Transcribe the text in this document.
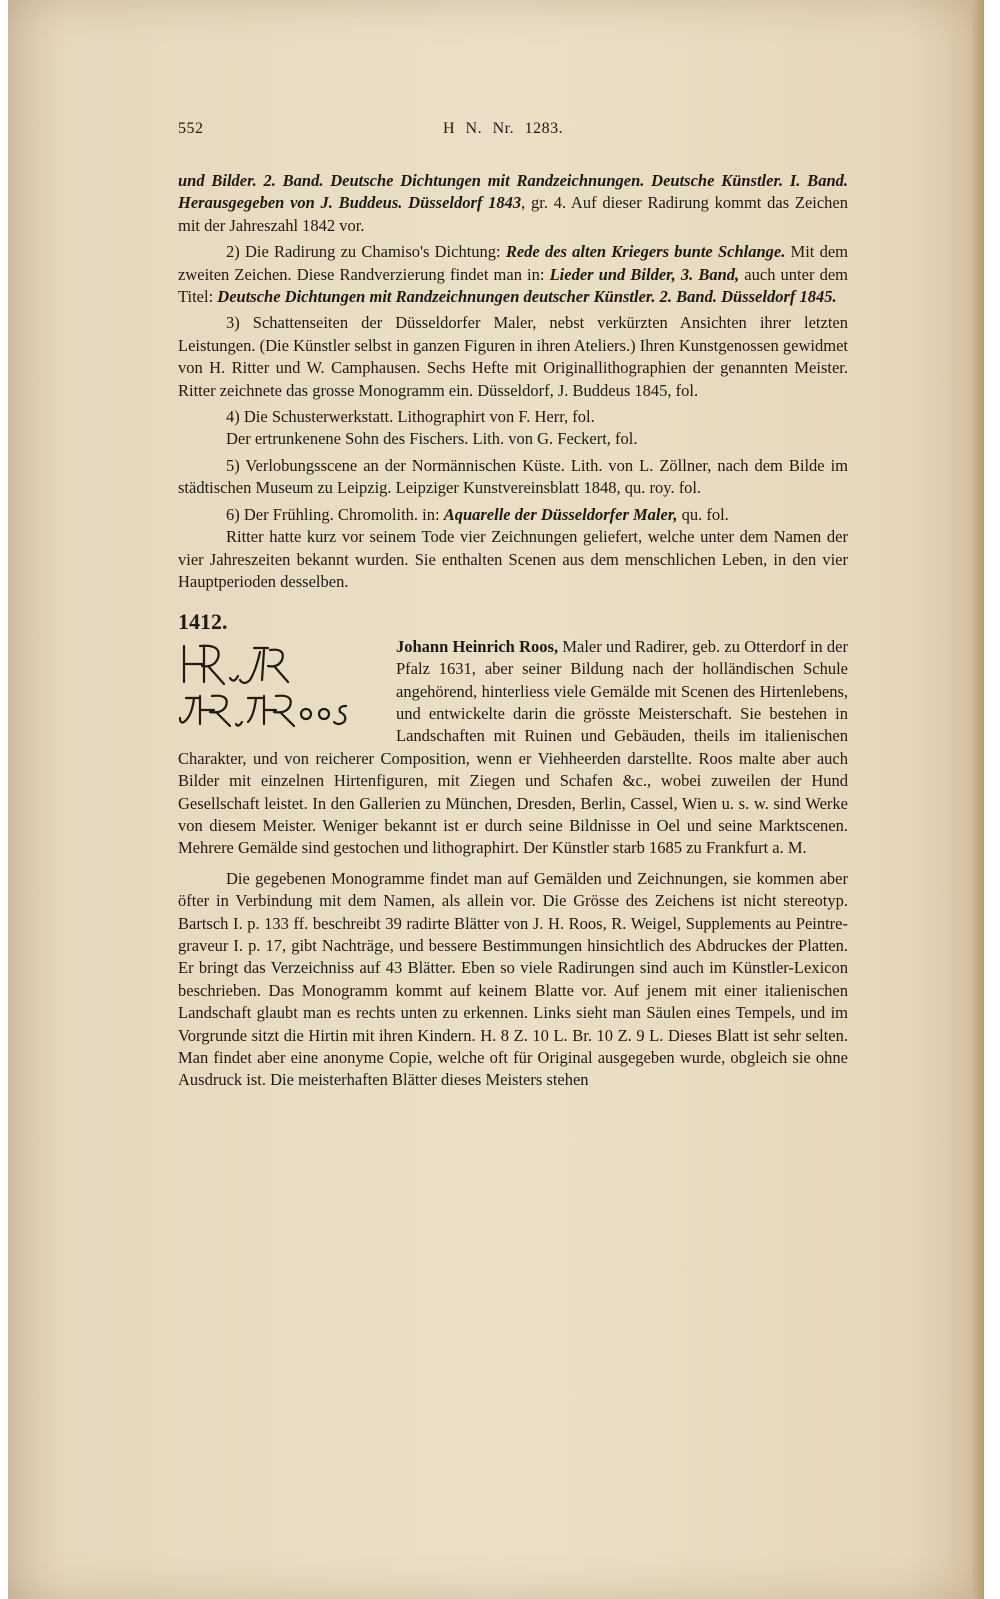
552	H N. Nr. 1283.

und Bilder. 2. Band. Deutsche Dichtungen mit Randzeichnungen. Deutsche Künstler. I. Band. Herausgegeben von J. Buddeus. Düsseldorf 1843, gr. 4. Auf dieser Radirung kommt das Zeichen mit der Jahreszahl 1842 vor.

2) Die Radirung zu Chamiso's Dichtung: Rede des alten Kriegers bunte Schlange. Mit dem zweiten Zeichen. Diese Randverzierung findet man in: Lieder und Bilder, 3. Band, auch unter dem Titel: Deutsche Dichtungen mit Randzeichnungen deutscher Künstler. 2. Band. Düsseldorf 1845.

3) Schattenseiten der Düsseldorfer Maler, nebst verkürzten Ansichten ihrer letzten Leistungen. (Die Künstler selbst in ganzen Figuren in ihren Ateliers.) Ihren Kunstgenossen gewidmet von H. Ritter und W. Camphausen. Sechs Hefte mit Originallithographien der genannten Meister. Ritter zeichnete das grosse Monogramm ein. Düsseldorf, J. Buddeus 1845, fol.

4) Die Schusterwerkstatt. Lithographirt von F. Herr, fol.

Der ertrunkenene Sohn des Fischers. Lith. von G. Feckert, fol.

5) Verlobungsscene an der Normännischen Küste. Lith. von L. Zöllner, nach dem Bilde im städtischen Museum zu Leipzig. Leipziger Kunstvereinsblatt 1848, qu. roy. fol.

6) Der Frühling. Chromolith. in: Aquarelle der Düsseldorfer Maler, qu. fol.

Ritter hatte kurz vor seinem Tode vier Zeichnungen geliefert, welche unter dem Namen der vier Jahreszeiten bekannt wurden. Sie enthalten Scenen aus dem menschlichen Leben, in den vier Hauptperioden desselben.

1412.
Johann Heinrich Roos, Maler und Radirer, geb. zu Otterdorf in der Pfalz 1631, aber seiner Bildung nach der holländischen Schule angehörend, hinterliess viele Gemälde mit Scenen des Hirtenlebens, und entwickelte darin die grösste Meisterschaft. Sie bestehen in Landschaften mit Ruinen und Gebäuden, theils im italienischen Charakter, und von reicherer Composition, wenn er Viehheerden darstellte. Roos malte aber auch Bilder mit einzelnen Hirtenfiguren, mit Ziegen und Schafen &c., wobei zuweilen der Hund Gesellschaft leistet. In den Gallerien zu München, Dresden, Berlin, Cassel, Wien u. s. w. sind Werke von diesem Meister. Weniger bekannt ist er durch seine Bildnisse in Oel und seine Marktscenen. Mehrere Gemälde sind gestochen und lithographirt. Der Künstler starb 1685 zu Frankfurt a. M.

Die gegebenen Monogramme findet man auf Gemälden und Zeichnungen, sie kommen aber öfter in Verbindung mit dem Namen, als allein vor. Die Grösse des Zeichens ist nicht stereotyp. Bartsch I. p. 133 ff. beschreibt 39 radirte Blätter von J. H. Roos, R. Weigel, Supplements au Peintre-graveur I. p. 17, gibt Nachträge, und bessere Bestimmungen hinsichtlich des Abdruckes der Platten. Er bringt das Verzeichniss auf 43 Blätter. Eben so viele Radirungen sind auch im Künstler-Lexicon beschrieben. Das Monogramm kommt auf keinem Blatte vor. Auf jenem mit einer italienischen Landschaft glaubt man es rechts unten zu erkennen. Links sieht man Säulen eines Tempels, und im Vorgrunde sitzt die Hirtin mit ihren Kindern. H. 8 Z. 10 L. Br. 10 Z. 9 L. Dieses Blatt ist sehr selten. Man findet aber eine anonyme Copie, welche oft für Original ausgegeben wurde, obgleich sie ohne Ausdruck ist. Die meisterhaften Blätter dieses Meisters stehen
